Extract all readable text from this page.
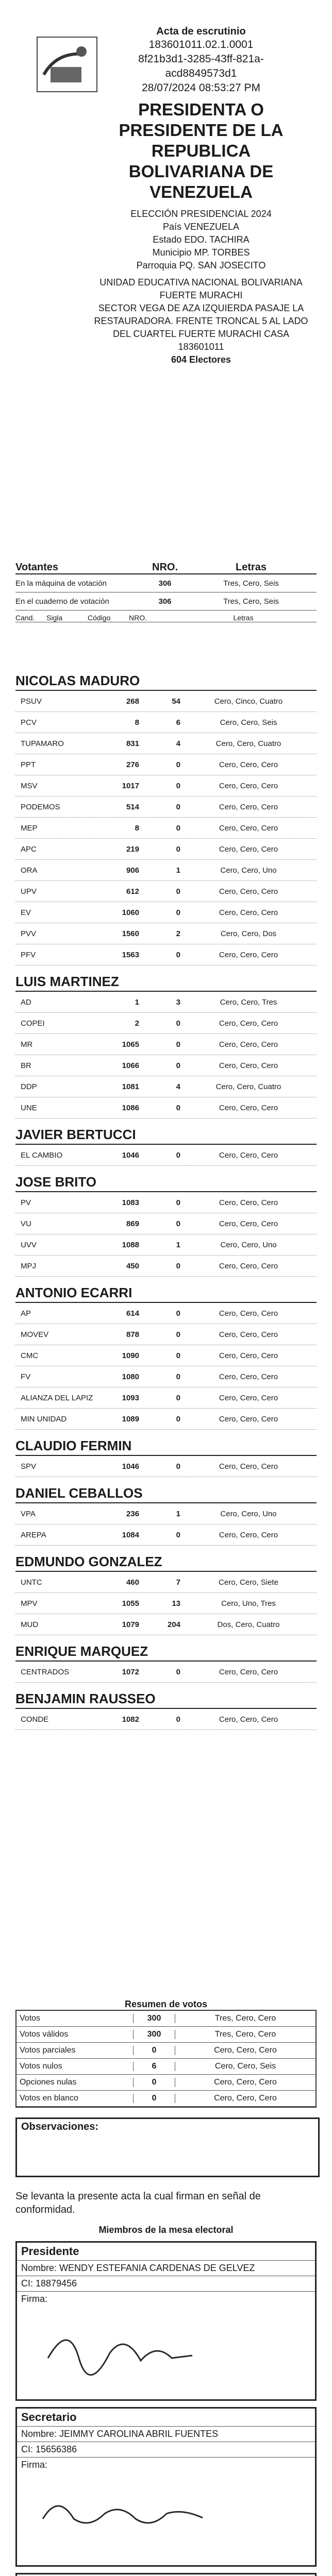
Acta de escrutinio
183601011.02.1.0001
8f21b3d1-3285-43ff-821a-
acd8849573d1
28/07/2024 08:53:27 PM
PRESIDENTA O PRESIDENTE DE LA REPUBLICA BOLIVARIANA DE VENEZUELA
ELECCIÓN PRESIDENCIAL 2024
País VENEZUELA
Estado EDO. TACHIRA
Municipio MP. TORBES
Parroquia PQ. SAN JOSECITO
UNIDAD EDUCATIVA NACIONAL BOLIVARIANA FUERTE MURACHI
SECTOR VEGA DE AZA IZQUIERDA PASAJE LA RESTAURADORA. FRENTE TRONCAL 5 AL LADO DEL CUARTEL FUERTE MURACHI CASA
183601011
604 Electores
Votantes	NRO.	Letras
En la máquina de votación	306	Tres, Cero, Seis
En el cuaderno de votación	306	Tres, Cero, Seis
Cand.	Sigla	Código	NRO.	Letras
NICOLAS MADURO
PSUV	268	54	Cero, Cinco, Cuatro
PCV	8	6	Cero, Cero, Seis
TUPAMARO	831	4	Cero, Cero, Cuatro
PPT	276	0	Cero, Cero, Cero
MSV	1017	0	Cero, Cero, Cero
PODEMOS	514	0	Cero, Cero, Cero
MEP	8	0	Cero, Cero, Cero
APC	219	0	Cero, Cero, Cero
ORA	906	1	Cero, Cero, Uno
UPV	612	0	Cero, Cero, Cero
EV	1060	0	Cero, Cero, Cero
PVV	1560	2	Cero, Cero, Dos
PFV	1563	0	Cero, Cero, Cero
LUIS MARTINEZ
AD	1	3	Cero, Cero, Tres
COPEI	2	0	Cero, Cero, Cero
MR	1065	0	Cero, Cero, Cero
BR	1066	0	Cero, Cero, Cero
DDP	1081	4	Cero, Cero, Cuatro
UNE	1086	0	Cero, Cero, Cero
JAVIER BERTUCCI
EL CAMBIO	1046	0	Cero, Cero, Cero
JOSE BRITO
PV	1083	0	Cero, Cero, Cero
VU	869	0	Cero, Cero, Cero
UVV	1088	1	Cero, Cero, Uno
MPJ	450	0	Cero, Cero, Cero
ANTONIO ECARRI
AP	614	0	Cero, Cero, Cero
MOVEV	878	0	Cero, Cero, Cero
CMC	1090	0	Cero, Cero, Cero
FV	1080	0	Cero, Cero, Cero
ALIANZA DEL LAPIZ	1093	0	Cero, Cero, Cero
MIN UNIDAD	1089	0	Cero, Cero, Cero
CLAUDIO FERMIN
SPV	1046	0	Cero, Cero, Cero
DANIEL CEBALLOS
VPA	236	1	Cero, Cero, Uno
AREPA	1084	0	Cero, Cero, Cero
EDMUNDO GONZALEZ
UNTC	460	7	Cero, Cero, Siete
MPV	1055	13	Cero, Uno, Tres
MUD	1079	204	Dos, Cero, Cuatro
ENRIQUE MARQUEZ
CENTRADOS	1072	0	Cero, Cero, Cero
BENJAMIN RAUSSEO
CONDE	1082	0	Cero, Cero, Cero
Resumen de votos
Votos	300	Tres, Cero, Cero
Votos válidos	300	Tres, Cero, Cero
Votos parciales	0	Cero, Cero, Cero
Votos nulos	6	Cero, Cero, Seis
Opciones nulas	0	Cero, Cero, Cero
Votos en blanco	0	Cero, Cero, Cero
Observaciones:
Se levanta la presente acta la cual firman en señal de conformidad.
Miembros de la mesa electoral
Presidente
Nombre: WENDY ESTEFANIA CARDENAS DE GELVEZ
CI: 18879456
Firma:
Secretario
Nombre: JEIMMY CAROLINA ABRIL FUENTES
CI: 15656386
Firma:
